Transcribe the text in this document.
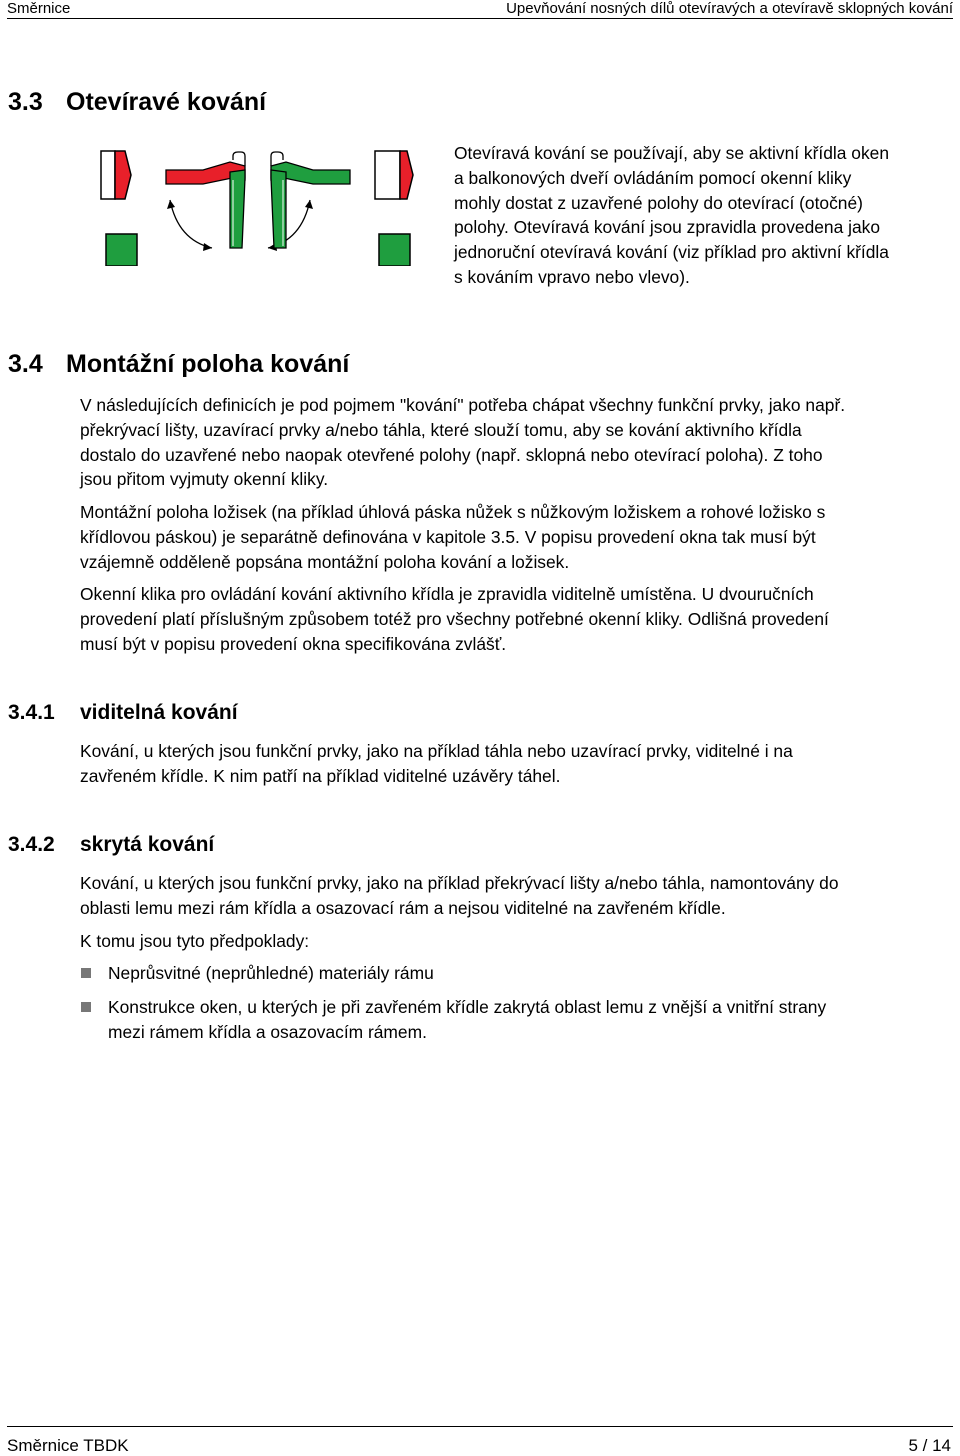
Směrnice	Upevňování nosných dílů otevíravých a otevíravě sklopných kování
3.3 Otevíravé kování
Otevíravá kování se používají, aby se aktivní křídla oken
a balkonových dveří ovládáním pomocí okenní kliky
mohly dostat z uzavřené polohy do otevírací (otočné)
polohy. Otevíravá kování jsou zpravidla provedena jako
jednoruční otevíravá kování (viz příklad pro aktivní křídla
s kováním vpravo nebo vlevo).
3.4 Montážní poloha kování
V následujících definicích je pod pojmem "kování" potřeba chápat všechny funkční prvky, jako např.
překrývací lišty, uzavírací prvky a/nebo táhla, které slouží tomu, aby se kování aktivního křídla
dostalo do uzavřené nebo naopak otevřené polohy (např. sklopná nebo otevírací poloha). Z toho
jsou přitom vyjmuty okenní kliky.
Montážní poloha ložisek (na příklad úhlová páska nůžek s nůžkovým ložiskem a rohové ložisko s
křídlovou páskou) je separátně definována v kapitole 3.5. V popisu provedení okna tak musí být
vzájemně odděleně popsána montážní poloha kování a ložisek.
Okenní klika pro ovládání kování aktivního křídla je zpravidla viditelně umístěna. U dvouručních
provedení platí příslušným způsobem totéž pro všechny potřebné okenní kliky. Odlišná provedení
musí být v popisu provedení okna specifikována zvlášť.
3.4.1 viditelná kování
Kování, u kterých jsou funkční prvky, jako na příklad táhla nebo uzavírací prvky, viditelné i na
zavřeném křídle. K nim patří na příklad viditelné uzávěry táhel.
3.4.2 skrytá kování
Kování, u kterých jsou funkční prvky, jako na příklad překrývací lišty a/nebo táhla, namontovány do
oblasti lemu mezi rám křídla a osazovací rám a nejsou viditelné na zavřeném křídle.
K tomu jsou tyto předpoklady:
Neprůsvitné (neprůhledné) materiály rámu
Konstrukce oken, u kterých je při zavřeném křídle zakrytá oblast lemu z vnější a vnitřní strany
mezi rámem křídla a osazovacím rámem.
Směrnice TBDK	5 / 14
